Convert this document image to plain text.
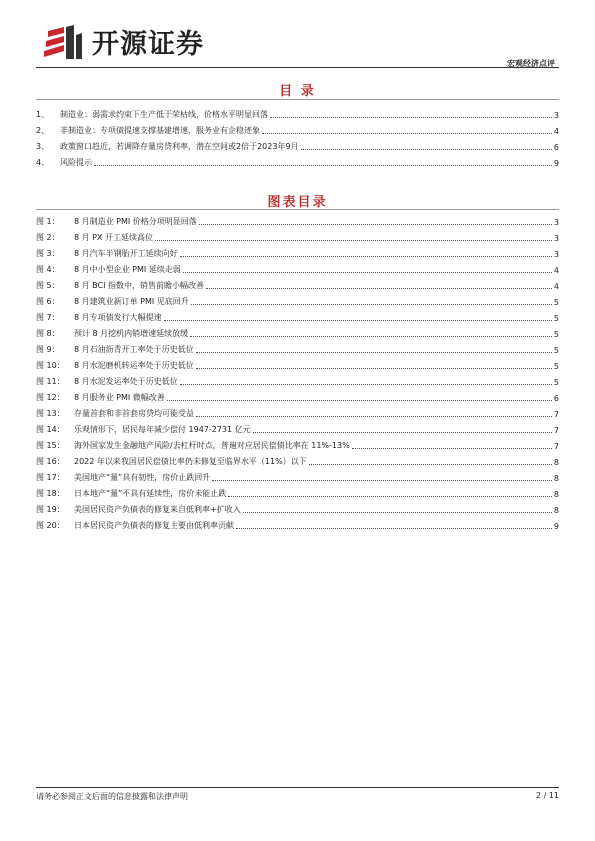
开源证券
宏观经济点评
目 录
1、	制造业：弱需求约束下生产低于荣枯线，价格水平明显回落	3
2、	非制造业：专项债提速支撑基建增速，服务业有企稳迹象	4
3、	政策窗口趋近，若调降存量房贷利率，潜在空间或2倍于2023年9月	6
4、	风险提示	9
图表目录
图 1：	8 月制造业 PMI 价格分项明显回落	3
图 2：	8 月 PX 开工延续高位	3
图 3：	8 月汽车半钢胎开工延续向好	3
图 4：	8 月中小型企业 PMI 延续走弱	4
图 5：	8 月 BCI 指数中，销售前瞻小幅改善	4
图 6：	8 月建筑业新订单 PMI 见底回升	5
图 7：	8 月专项债发行大幅提速	5
图 8：	预计 8 月挖机内销增速延续放缓	5
图 9：	8 月石油沥青开工率处于历史低位	5
图 10：	8 月水泥磨机转运率处于历史低位	5
图 11：	8 月水泥发运率处于历史低位	5
图 12：	8 月服务业 PMI 微幅改善	6
图 13：	存量首套和非首套房贷均可能受益	7
图 14：	乐观情形下，居民每年减少偿付 1947-2731 亿元	7
图 15：	海外国家发生金融地产风险/去杠杆时点，普遍对应居民偿债比率在 11%-13%	7
图 16：	2022 年以来我国居民偿债比率仍未修复至临界水平（11%）以下	8
图 17：	美国地产“量”具有韧性，房价止跌回升	8
图 18：	日本地产“量”不具有延续性，房价未能止跌	8
图 19：	美国居民资产负债表的修复来自低利率+扩收入	8
图 20：	日本居民资产负债表的修复主要由低利率贡献	9
请务必参阅正文后面的信息披露和法律声明	2 / 11
